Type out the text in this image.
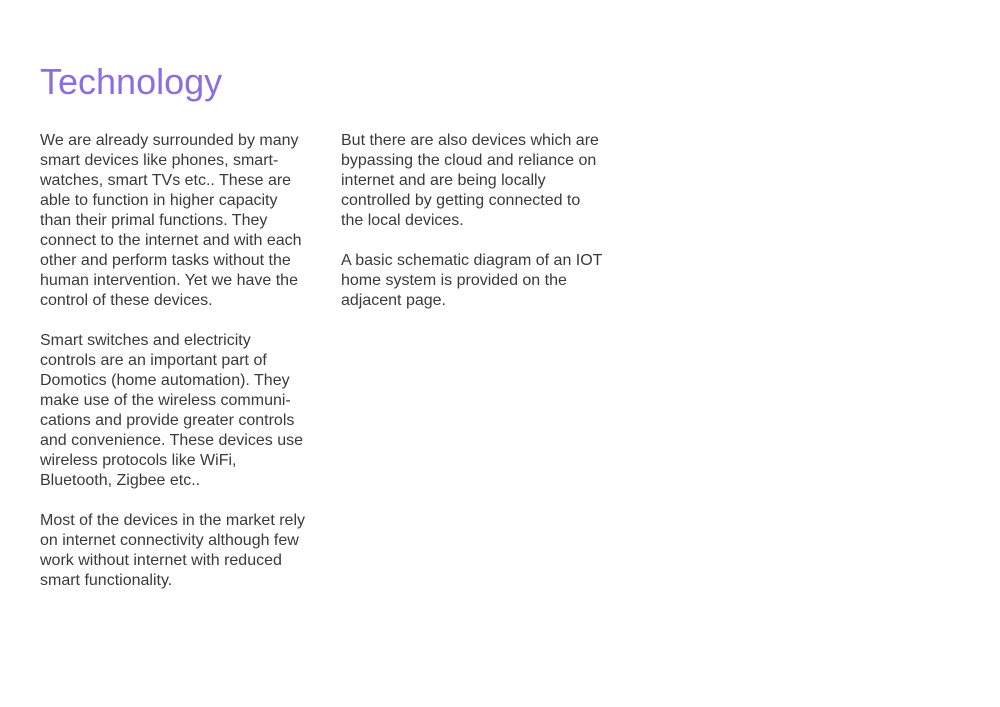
Technology
We are already surrounded by many
smart devices like phones, smart-
watches, smart TVs etc.. These are
able to function in higher capacity
than their primal functions. They
connect to the internet and with each
other and perform tasks without the
human intervention. Yet we have the
control of these devices.
Smart switches and electricity
controls are an important part of
Domotics (home automation). They
make use of the wireless communi-
cations and provide greater controls
and convenience. These devices use
wireless protocols like WiFi,
Bluetooth, Zigbee etc..
Most of the devices in the market rely
on internet connectivity although few
work without internet with reduced
smart functionality.
But there are also devices which are
bypassing the cloud and reliance on
internet and are being locally
controlled by getting connected to
the local devices.
A basic schematic diagram of an IOT
home system is provided on the
adjacent page.
